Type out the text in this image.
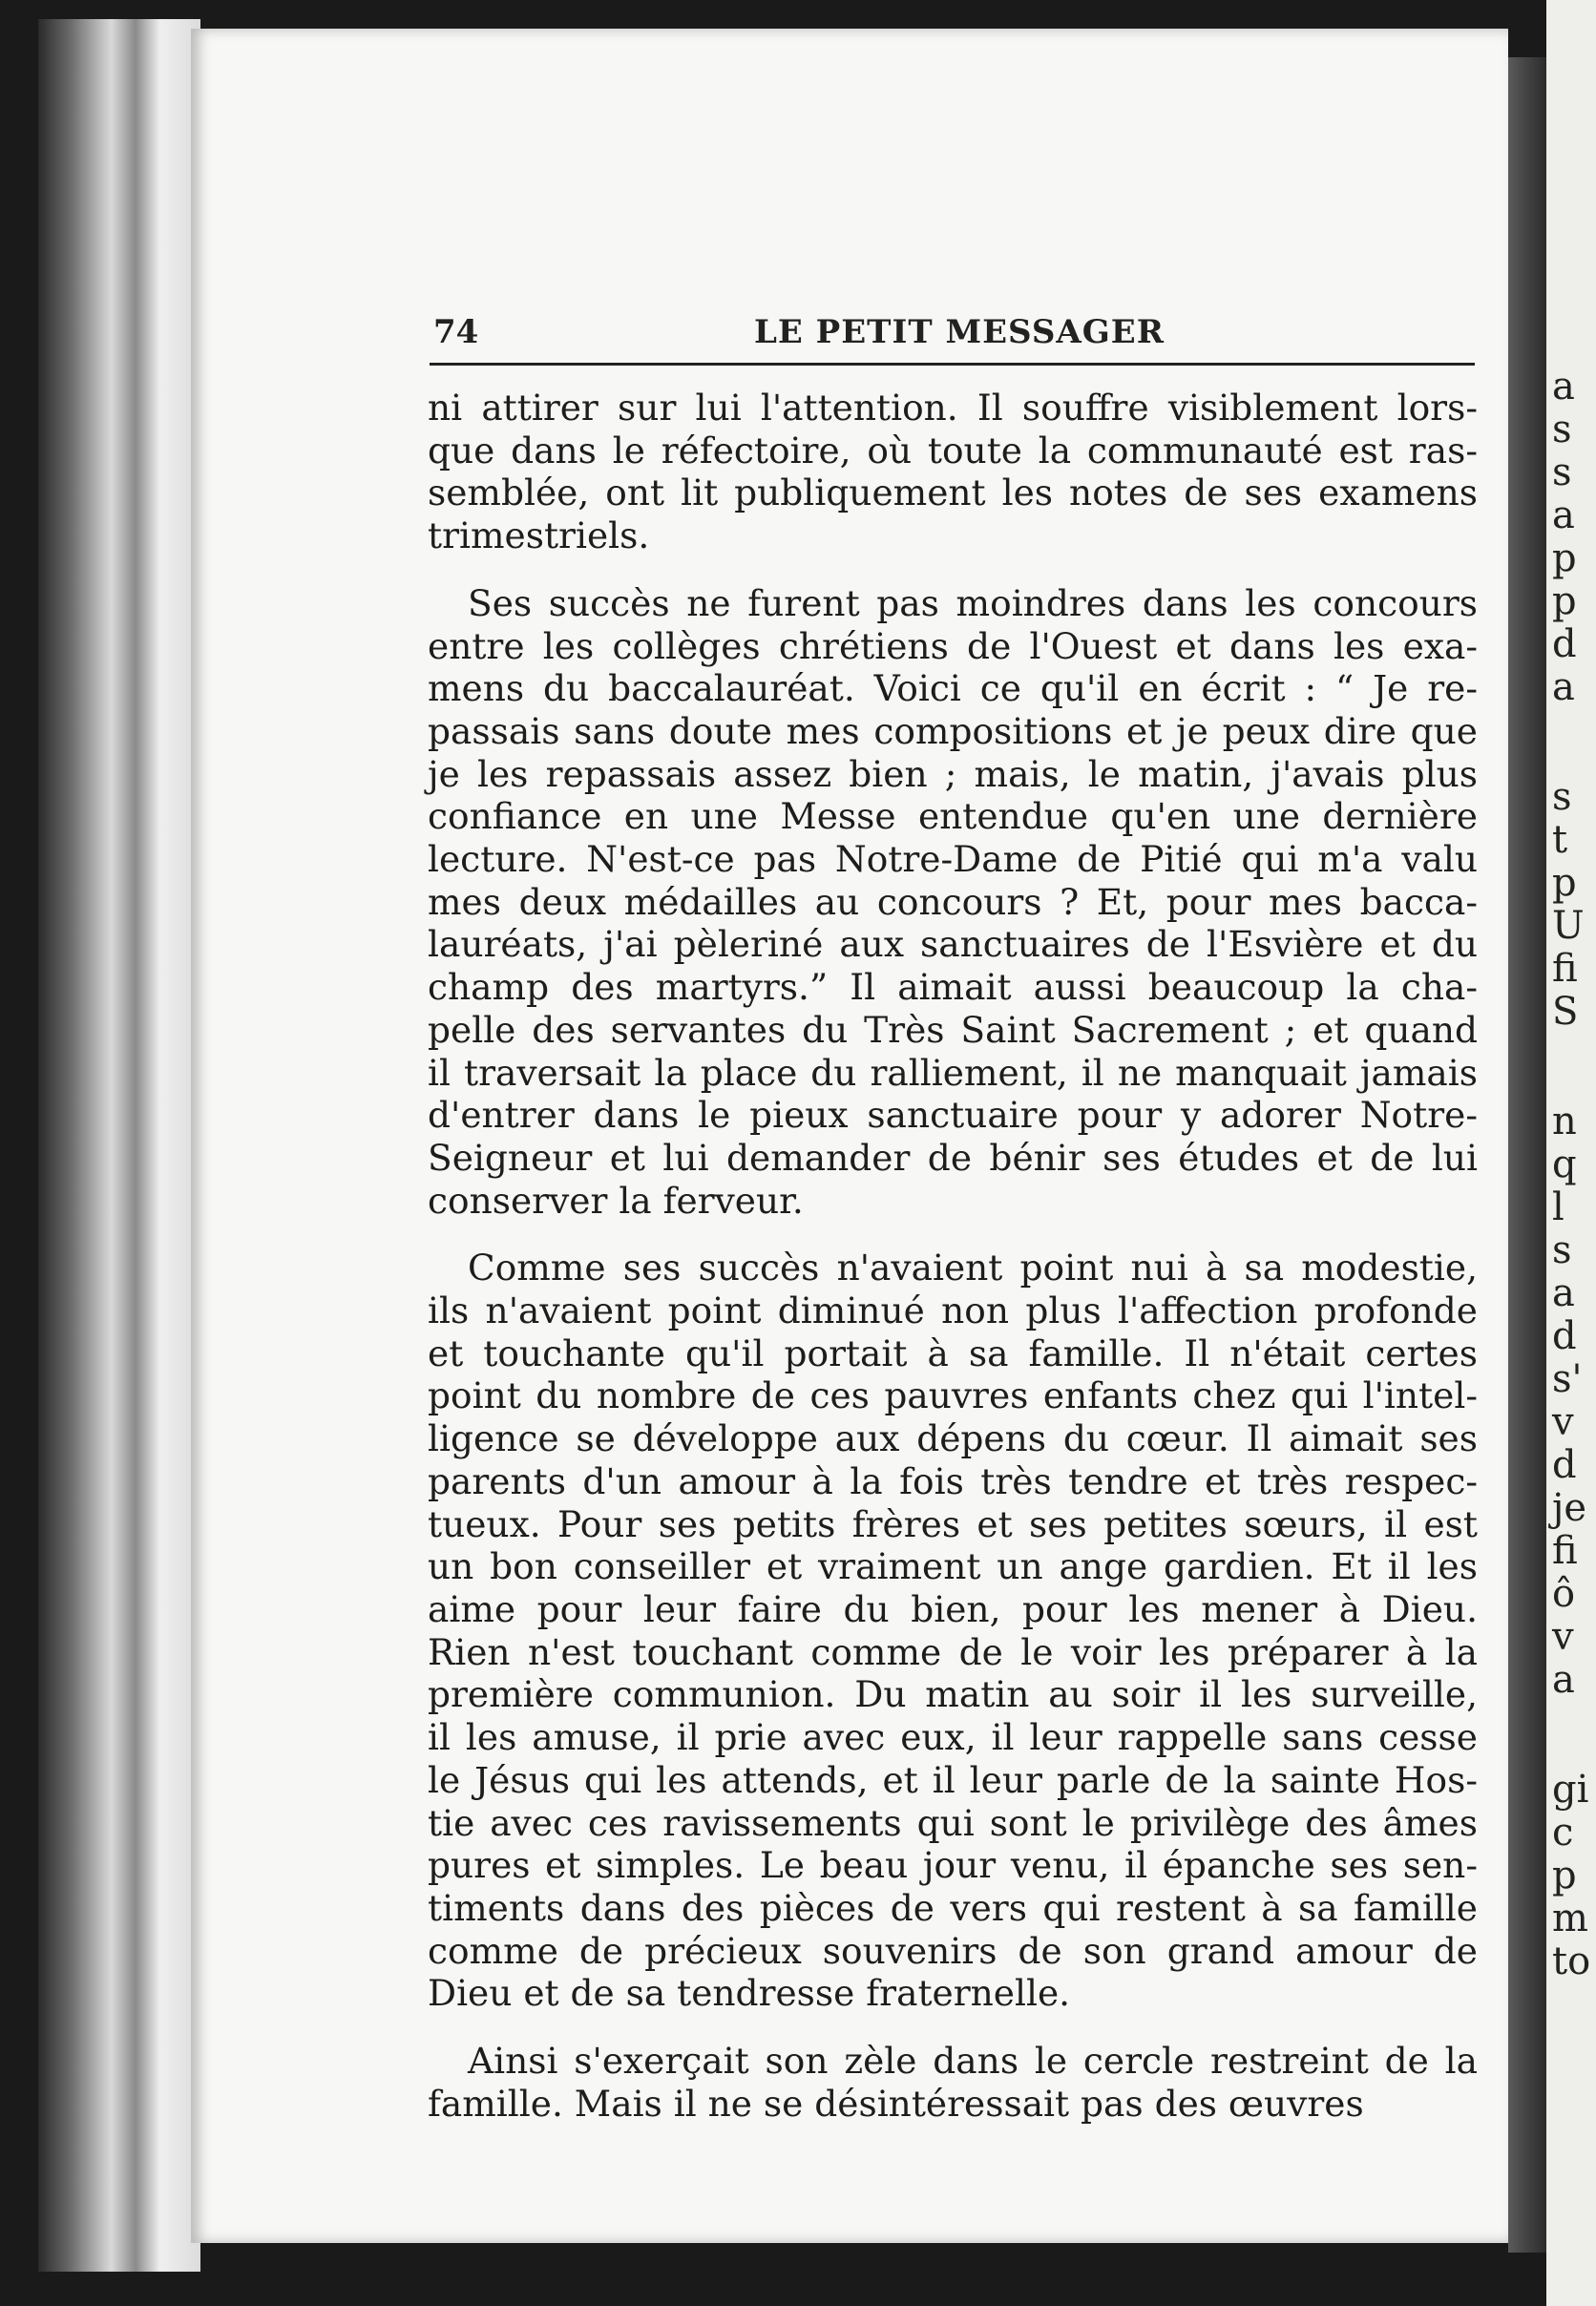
a
s
s
a
p
p
d
a
s
t
p
U
fi
S
n
q
l
s
a
d
s'
v
d
je
fi
ô
v
a
gi
c
p
m
to
74	LE PETIT MESSAGER

ni attirer sur lui l'attention. Il souffre visiblement lors-
que dans le réfectoire, où toute la communauté est ras-
semblée, ont lit publiquement les notes de ses examens
trimestriels.

Ses succès ne furent pas moindres dans les concours
entre les collèges chrétiens de l'Ouest et dans les exa-
mens du baccalauréat. Voici ce qu'il en écrit : “ Je re-
passais sans doute mes compositions et je peux dire que
je les repassais assez bien ; mais, le matin, j'avais plus
confiance en une Messe entendue qu'en une dernière
lecture. N'est-ce pas Notre-Dame de Pitié qui m'a valu
mes deux médailles au concours ? Et, pour mes bacca-
lauréats, j'ai pèleriné aux sanctuaires de l'Esvière et du
champ des martyrs.” Il aimait aussi beaucoup la cha-
pelle des servantes du Très Saint Sacrement ; et quand
il traversait la place du ralliement, il ne manquait jamais
d'entrer dans le pieux sanctuaire pour y adorer Notre-
Seigneur et lui demander de bénir ses études et de lui
conserver la ferveur.

Comme ses succès n'avaient point nui à sa modestie,
ils n'avaient point diminué non plus l'affection profonde
et touchante qu'il portait à sa famille. Il n'était certes
point du nombre de ces pauvres enfants chez qui l'intel-
ligence se développe aux dépens du cœur. Il aimait ses
parents d'un amour à la fois très tendre et très respec-
tueux. Pour ses petits frères et ses petites sœurs, il est
un bon conseiller et vraiment un ange gardien. Et il les
aime pour leur faire du bien, pour les mener à Dieu.
Rien n'est touchant comme de le voir les préparer à la
première communion. Du matin au soir il les surveille,
il les amuse, il prie avec eux, il leur rappelle sans cesse
le Jésus qui les attends, et il leur parle de la sainte Hos-
tie avec ces ravissements qui sont le privilège des âmes
pures et simples. Le beau jour venu, il épanche ses sen-
timents dans des pièces de vers qui restent à sa famille
comme de précieux souvenirs de son grand amour de
Dieu et de sa tendresse fraternelle.

Ainsi s'exerçait son zèle dans le cercle restreint de la
famille. Mais il ne se désintéressait pas des œuvres
